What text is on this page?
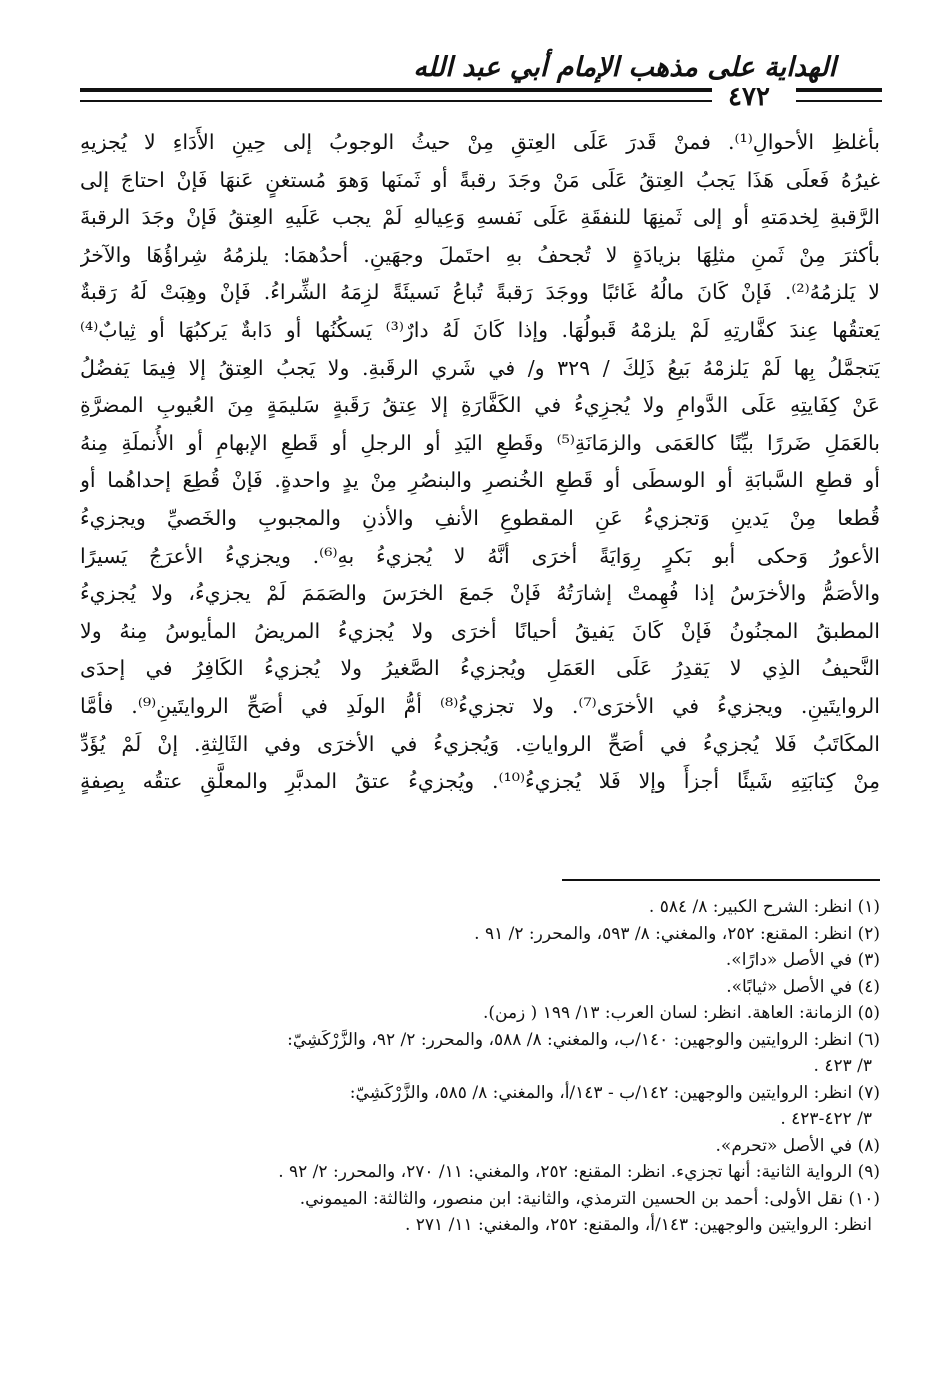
الهداية على مذهب الإمام أبي عبد الله
٤٧٢

بأغلظِ الأحوالِ⁽¹⁾. فمنْ قَدرَ عَلَى العِتقِ مِنْ حيثُ الوجوبُ إلى حِينِ الأَدَاءِ لا يُجزيهِ
غيرُهُ فَعلَى هَذَا يَجبُ العِتقُ عَلَى مَنْ وجَدَ رقبةً أو ثَمنَها وَهوَ مُستغنٍ عَنهَا فَإنْ احتاجَ إلى
الرَّقبةِ لِخدمَتهِ أو إلى ثَمنِهَا للنفقَةِ عَلَى نَفسهِ وَعِيالهِ لَمْ يجب عَلَيهِ العِتقُ فَإنْ وجَدَ الرقبةَ
بأكثرَ مِنْ ثَمنِ مثلِهَا بزيادَةٍ لا تُجحفُ بهِ احتَملَ وجهَينِ. أحدُهمَا: يلزمُهُ شِراؤُهَا والآخرُ
لا يَلزمُهُ⁽²⁾. فَإنْ كَانَ مالُهُ غَائبًا ووجَدَ رَقبةً تُباعُ نَسيئَةً لزِمَهُ الشِّراءُ. فَإنْ وهِبَتْ لَهُ رَقبةٌ
يَعتقُها عِندَ كفَّارتِهِ لَمْ يلزمْهُ قَبولُهَا. وإذا كَانَ لَهُ دارٌ⁽³⁾ يَسكُنُها أو دَابةٌ يَركبُهَا أو ثِيابٌ⁽⁴⁾
يَتجمَّلُ بِها لَمْ يَلزمْهُ بَيعُ ذَلِكَ / ٣٢٩ و/ في شَري الرقَبةِ. ولا يَجبُ العِتقُ إلا فِيمَا يَفضُلُ
عَنْ كِفَايتِهِ عَلَى الدَّوامِ ولا يُجزِيءُ في الكَفَّارَةِ إلا عِتقُ رَقَبةٍ سَليمَةٍ مِنَ العُيوبِ المضرَّةِ
بالعَمَلِ ضَررًا بيِّنًا كالعَمَى والزمَانَةِ⁽⁵⁾ وقَطعِ اليَدِ أو الرجلِ أو قَطعِ الإبهامِ أو الأُنملَةِ مِنهُ
أو قطعِ السَّبابَةِ أو الوسطَى أو قَطعِ الخُنصرِ والبنصُرِ مِنْ يدٍ واحدةٍ. فَإنْ قُطِعَ إحداهُما أو
قُطعا مِنْ يَدينِ وَتجزيءُ عَنِ المقطوعِ الأنفِ والأذنِ والمجبوبِ والخَصيِّ ويجزيءُ
الأعورُ وَحكى أبو بَكرٍ رِوَايَةً أخرَى أنَّهُ لا يُجزيءُ بهِ⁽⁶⁾. ويجزيءُ الأعرَجُ يَسيرًا
والأصَمُّ والأخرَسُ إذا فُهِمتْ إشارَتُهُ فَإنْ جَمعَ الخرَسَ والصَمَمَ لَمْ يجزيءُ، ولا يُجزيءُ
المطبقُ المجنُونُ فَإنْ كَانَ يَفيقُ أحيانًا أخرَى ولا يُجزيءُ المريضُ المأيوسُ مِنهُ ولا
النَّحيفُ الذِي لا يَقدِرُ عَلَى العَمَلِ ويُجزيءُ الصَّغيرُ ولا يُجزيءُ الكَافِرُ في إحدَى
الروايتَينِ. ويجزيءُ في الأخرَى⁽⁷⁾. ولا تجزيءُ⁽⁸⁾ أمُّ الولَدِ في أصَحِّ الروايتَينِ⁽⁹⁾. فأمَّا
المكَاتَبُ فَلا يُجزيءُ في أصَحِّ الرواياتِ. وَيُجزيءُ في الأخرَى وفي الثَالِثةِ. إنْ لَمْ يُؤَدِّ
مِنْ كِتابَتِهِ شَيئًا أجزأَ وإلا فَلا يُجزيءُ⁽¹⁰⁾. ويُجزيءُ عتقُ المدبَّرِ والمعلَّقِ عتقُه بِصِفةٍ

(١) انظر: الشرح الكبير: ٨/ ٥٨٤ .
(٢) انظر: المقنع: ٢٥٢، والمغني: ٨/ ٥٩٣، والمحرر: ٢/ ٩١ .
(٣) في الأصل «دارًا».
(٤) في الأصل «ثيابًا».
(٥) الزمانة: العاهة. انظر: لسان العرب: ١٣/ ١٩٩ ( زمن).
(٦) انظر: الروايتين والوجهين: ١٤٠/ب، والمغني: ٨/ ٥٨٨، والمحرر: ٢/ ٩٢، والزَّرْكَشِيّ:
٣/ ٤٢٣ .
(٧) انظر: الروايتين والوجهين: ١٤٢/ب - ١٤٣/أ، والمغني: ٨/ ٥٨٥، والزَّرْكَشِيّ:
٣/ ٤٢٢-٤٢٣ .
(٨) في الأصل «تحرم».
(٩) الرواية الثانية: أنها تجزيء. انظر: المقنع: ٢٥٢، والمغني: ١١/ ٢٧٠، والمحرر: ٢/ ٩٢ .
(١٠) نقل الأولى: أحمد بن الحسين الترمذي، والثانية: ابن منصور، والثالثة: الميموني.
انظر: الروايتين والوجهين: ١٤٣/أ، والمقنع: ٢٥٢، والمغني: ١١/ ٢٧١ .
